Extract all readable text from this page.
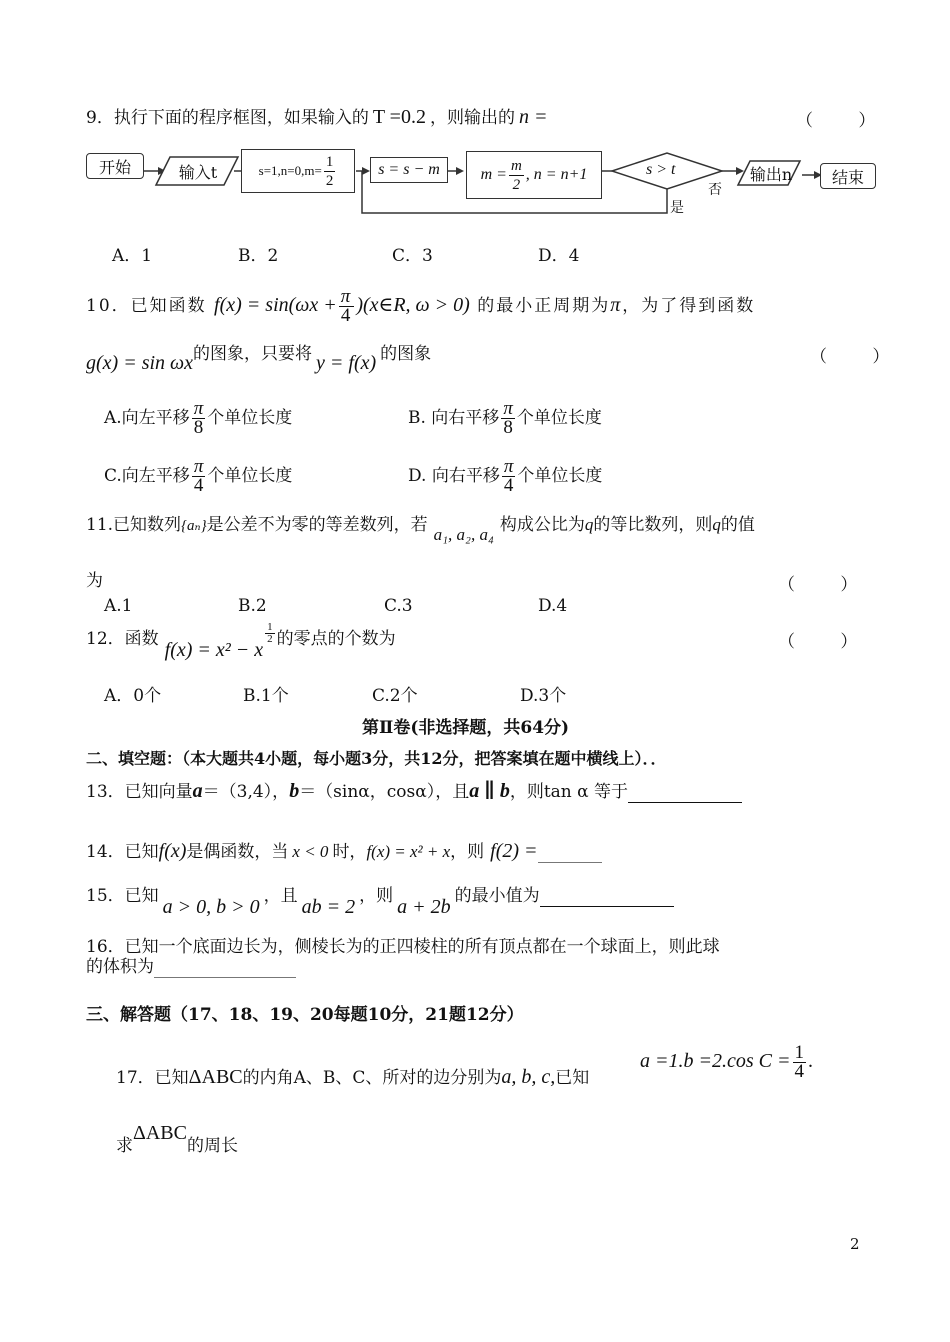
9．执行下面的程序框图，如果输入的 T =0.2 ，则输出的 n =	（ ）
开始	输入t	$s=1,n=0,m= \frac{1}{2}$	s = s − m	$m = \frac{m}{2}$ , n = n+1	s > t
否
是
输出n 结束
A．1	B．2	C．3	D．4
10．已知函数 $f(x) = \sin(\omega x + \frac{\pi}{4}$ )(x∈R, ω > 0) 的最小正周期为π，为了得到函数
g(x) = sin ωx的图象，只要将 y = f(x) 的图象	（ ）
A.向左平移 $\frac{\pi}{8}$ 个单位长度	B. 向右平移 $\frac{\pi}{8}$ 个单位长度
C.向左平移 $\frac{\pi}{4}$ 个单位长度	D. 向右平移 $\frac{\pi}{4}$ 个单位长度
11.已知数列{aₙ}是公差不为零的等差数列，若 a₁, a₂, a₄ 构成公比为q的等比数列，则q的值
为	（ ）
A.1	B.2	C.3	D.4
12．函数 f(x) = x² − x
$\frac{1}{2}$ 的零点的个数为	（ ）
A．0个	B.1个	C.2个	D.3个
第Ⅱ卷(非选择题，共64分)
二、填空题：（本大题共4小题，每小题3分，共12分，把答案填在题中横线上）．．
13．已知向量a＝（3,4），b＝（sinα，cosα），且a ∥ b，则tan α 等于
14．已知f(x)是偶函数，当 x < 0 时，f(x) = x² + x，则 f(2) =
15．已知 a > 0, b > 0 ，且 ab = 2 ，则 a + 2b 的最小值为
16．已知一个底面边长为，侧棱长为的正四棱柱的所有顶点都在一个球面上，则此球
的体积为
三、解答题（17、18、19、20每题10分，21题12分）
17．已知ΔABC的内角A、B、C、所对的边分别为a, b, c,已知
a =1.b =2.cos $C = \frac{1}{4}$ .
求ΔABC的周长
2
